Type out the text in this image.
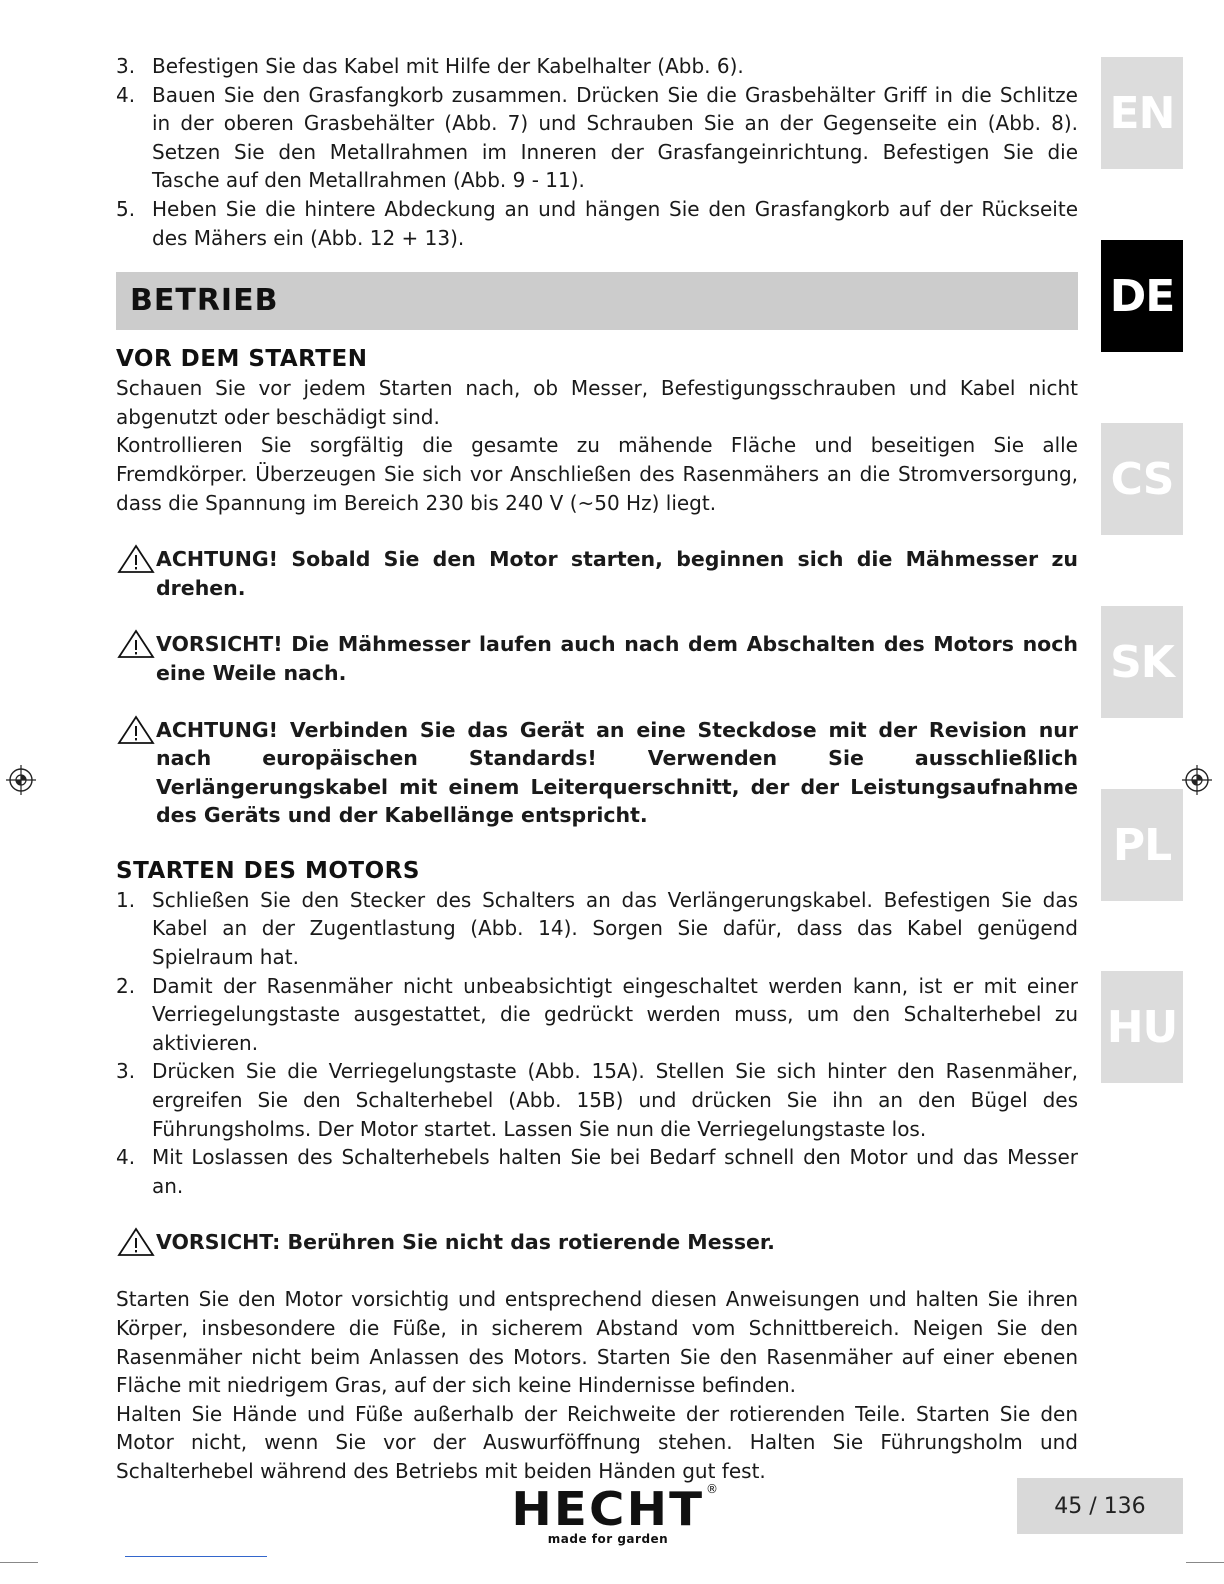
3. Befestigen Sie das Kabel mit Hilfe der Kabelhalter (Abb. 6).
4. Bauen Sie den Grasfangkorb zusammen. Drücken Sie die Grasbehälter Griff in die Schlitze in der oberen Grasbehälter (Abb. 7) und Schrauben Sie an der Gegenseite ein (Abb. 8). Setzen Sie den Metallrahmen im Inneren der Grasfangeinrichtung. Befestigen Sie die Tasche auf den Metallrahmen (Abb. 9 - 11).
5. Heben Sie die hintere Abdeckung an und hängen Sie den Grasfangkorb auf der Rückseite des Mähers ein (Abb. 12 + 13).
BETRIEB
VOR DEM STARTEN

Schauen Sie vor jedem Starten nach, ob Messer, Befestigungsschrauben und Kabel nicht abgenutzt oder beschädigt sind.

Kontrollieren Sie sorgfältig die gesamte zu mähende Fläche und beseitigen Sie alle Fremdkörper. Überzeugen Sie sich vor Anschließen des Rasenmähers an die Stromversorgung, dass die Spannung im Bereich 230 bis 240 V (~50 Hz) liegt.

ACHTUNG! Sobald Sie den Motor starten, beginnen sich die Mähmesser zu drehen.
VORSICHT! Die Mähmesser laufen auch nach dem Abschalten des Motors noch eine Weile nach.
ACHTUNG! Verbinden Sie das Gerät an eine Steckdose mit der Revision nur nach europäischen Standards! Verwenden Sie ausschließlich Verlängerungskabel mit einem Leiterquerschnitt, der der Leistungsaufnahme des Geräts und der Kabellänge entspricht.
STARTEN DES MOTORS
1. Schließen Sie den Stecker des Schalters an das Verlängerungskabel. Befestigen Sie das Kabel an der Zugentlastung (Abb. 14). Sorgen Sie dafür, dass das Kabel genügend Spielraum hat.
2. Damit der Rasenmäher nicht unbeabsichtigt eingeschaltet werden kann, ist er mit einer Verriegelungstaste ausgestattet, die gedrückt werden muss, um den Schalterhebel zu aktivieren.
3. Drücken Sie die Verriegelungstaste (Abb. 15A). Stellen Sie sich hinter den Rasenmäher, ergreifen Sie den Schalterhebel (Abb. 15B) und drücken Sie ihn an den Bügel des Führungsholms. Der Motor startet. Lassen Sie nun die Verriegelungstaste los.
4. Mit Loslassen des Schalterhebels halten Sie bei Bedarf schnell den Motor und das Messer an.
VORSICHT: Berühren Sie nicht das rotierende Messer.

Starten Sie den Motor vorsichtig und entsprechend diesen Anweisungen und halten Sie ihren Körper, insbesondere die Füße, in sicherem Abstand vom Schnittbereich. Neigen Sie den Rasenmäher nicht beim Anlassen des Motors. Starten Sie den Rasenmäher auf einer ebenen Fläche mit niedrigem Gras, auf der sich keine Hindernisse befinden.

Halten Sie Hände und Füße außerhalb der Reichweite der rotierenden Teile. Starten Sie den Motor nicht, wenn Sie vor der Auswurföffnung stehen. Halten Sie Führungsholm und Schalterhebel während des Betriebs mit beiden Händen gut fest.

EN
DE
CS
SK
PL
HU
®
HECHT
made for garden
45 / 136
